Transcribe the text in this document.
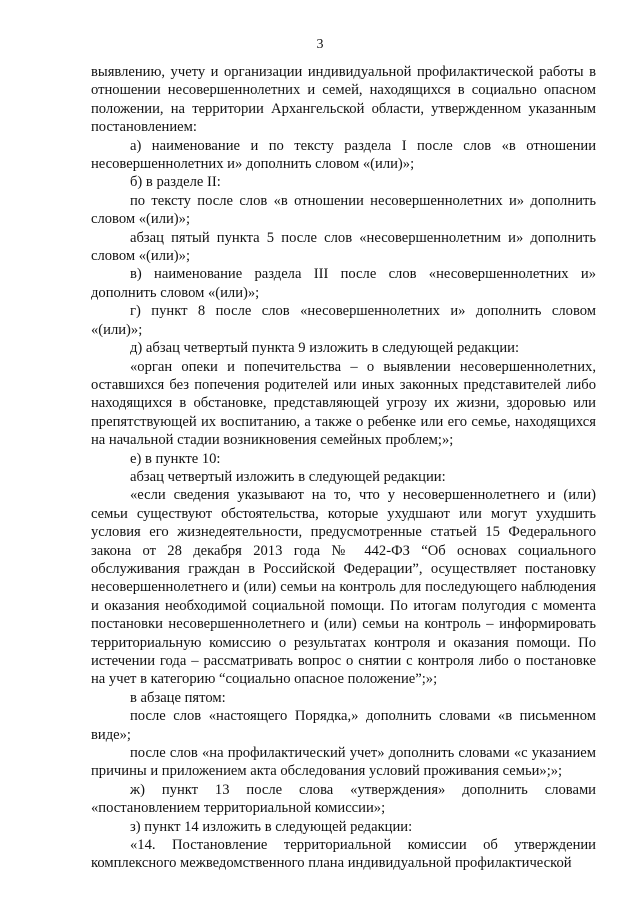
3

выявлению, учету и организации индивидуальной профилактической работы в отношении несовершеннолетних и семей, находящихся в социально опасном положении, на территории Архангельской области, утвержденном указанным постановлением:

а) наименование и по тексту раздела I после слов «в отношении несовершеннолетних и» дополнить словом «(или)»;

б) в разделе II:

по тексту после слов «в отношении несовершеннолетних и» дополнить словом «(или)»;

абзац пятый пункта 5 после слов «несовершеннолетним и» дополнить словом «(или)»;

в) наименование раздела III после слов «несовершеннолетних и» дополнить словом «(или)»;

г) пункт 8 после слов «несовершеннолетних и» дополнить словом «(или)»;

д) абзац четвертый пункта 9 изложить в следующей редакции:

«орган опеки и попечительства – о выявлении несовершеннолетних, оставшихся без попечения родителей или иных законных представителей либо находящихся в обстановке, представляющей угрозу их жизни, здоровью или препятствующей их воспитанию, а также о ребенке или его семье, находящихся на начальной стадии возникновения семейных проблем;»;

е) в пункте 10:

абзац четвертый изложить в следующей редакции:

«если сведения указывают на то, что у несовершеннолетнего и (или) семьи существуют обстоятельства, которые ухудшают или могут ухудшить условия его жизнедеятельности, предусмотренные статьей 15 Федерального закона от 28 декабря 2013 года № 442-ФЗ “Об основах социального обслуживания граждан в Российской Федерации”, осуществляет постановку несовершеннолетнего и (или) семьи на контроль для последующего наблюдения и оказания необходимой социальной помощи. По итогам полугодия с момента постановки несовершеннолетнего и (или) семьи на контроль – информировать территориальную комиссию о результатах контроля и оказания помощи. По истечении года – рассматривать вопрос о снятии с контроля либо о постановке на учет в категорию “социально опасное положение”;»;

в абзаце пятом:

после слов «настоящего Порядка,» дополнить словами «в письменном виде»;

после слов «на профилактический учет» дополнить словами «с указанием причины и приложением акта обследования условий проживания семьи»;»;

ж) пункт 13 после слова «утверждения» дополнить словами «постановлением территориальной комиссии»;

з) пункт 14 изложить в следующей редакции:

«14. Постановление территориальной комиссии об утверждении комплексного межведомственного плана индивидуальной профилактической
